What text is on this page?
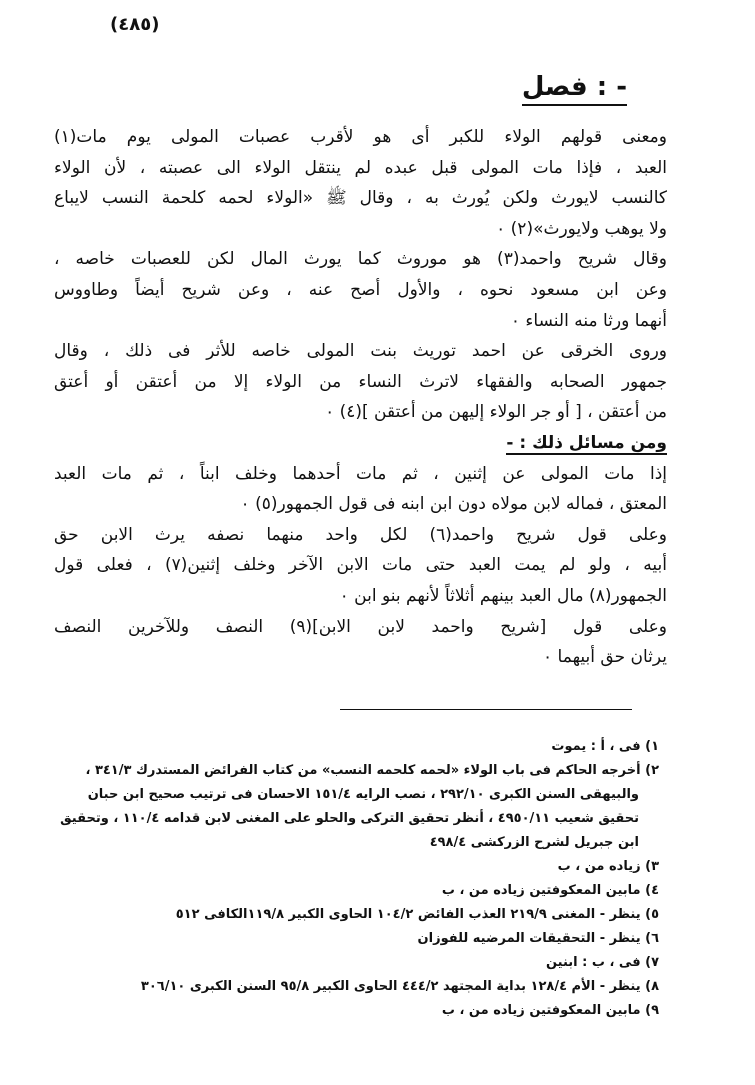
(٤٨٥)
فصل : -
ومعنى قولهم الولاء للكبر أى هو لأقرب عصبات المولى يوم مات(١)
العبد ، فإذا مات المولى قبل عبده لم ينتقل الولاء الى عصبته ، لأن الولاء
كالنسب لايورث ولكن يُورث به ، وقال ﷺ «الولاء لحمه كلحمة النسب لايباع
ولا يوهب ولايورث»(٢) ٠
وقال شريح واحمد(٣) هو موروث كما يورث المال لكن للعصبات خاصه ،
وعن ابن مسعود نحوه ، والأول أصح عنه ، وعن شريح أيضاً وطاووس
أنهما ورثا منه النساء ٠
وروى الخرقى عن احمد توريث بنت المولى خاصه للأثر فى ذلك ، وقال
جمهور الصحابه والفقهاء لاترث النساء من الولاء إلا من أعتقن أو أعتق
من أعتقن ، [ أو جر الولاء إليهن من أعتقن ](٤) ٠
ومن مسائل ذلك : -
إذا مات المولى عن إثنين ، ثم مات أحدهما وخلف ابناً ، ثم مات العبد
المعتق ، فماله لابن مولاه دون ابن ابنه فى قول الجمهور(٥) ٠
وعلى قول شريح واحمد(٦) لكل واحد منهما نصفه يرث الابن حق
أبيه ، ولو لم يمت العبد حتى مات الابن الآخر وخلف إثنين(٧) ، فعلى قول
الجمهور(٨) مال العبد بينهم أثلاثاً لأنهم بنو ابن ٠
وعلى قول [شريح واحمد لابن الابن](٩) النصف وللآخرين النصف
يرثان حق أبيهما ٠
١) فى ، أ : يموت
٢) أخرجه الحاكم فى باب الولاء «لحمه كلحمه النسب» من كتاب الفرائض المستدرك ٣٤١/٣ ،
والبيهقى السنن الكبرى ٢٩٢/١٠ ، نصب الرايه ١٥١/٤ الاحسان فى ترتيب صحيح ابن حبان
تحقيق شعيب ٤٩٥٠/١١ ، أنظر تحقيق التركى والحلو على المغنى لابن قدامه ١١٠/٤ ، وتحقيق
ابن جبريل لشرح الزركشى ٤٩٨/٤
٣) زياده من ، ب
٤) مابين المعكوفتين زياده من ، ب
٥) ينظر - المغنى ٢١٩/٩ العذب الفائض ١٠٤/٢ الحاوى الكبير ١١٩/٨الكافى ٥١٢
٦) ينظر - التحقيقات المرضيه للفوزان
٧) فى ، ب : ابنين
٨) ينظر - الأم ١٢٨/٤ بداية المجتهد ٤٤٤/٢ الحاوى الكبير ٩٥/٨ السنن الكبرى ٣٠٦/١٠
٩) مابين المعكوفتين زياده من ، ب
